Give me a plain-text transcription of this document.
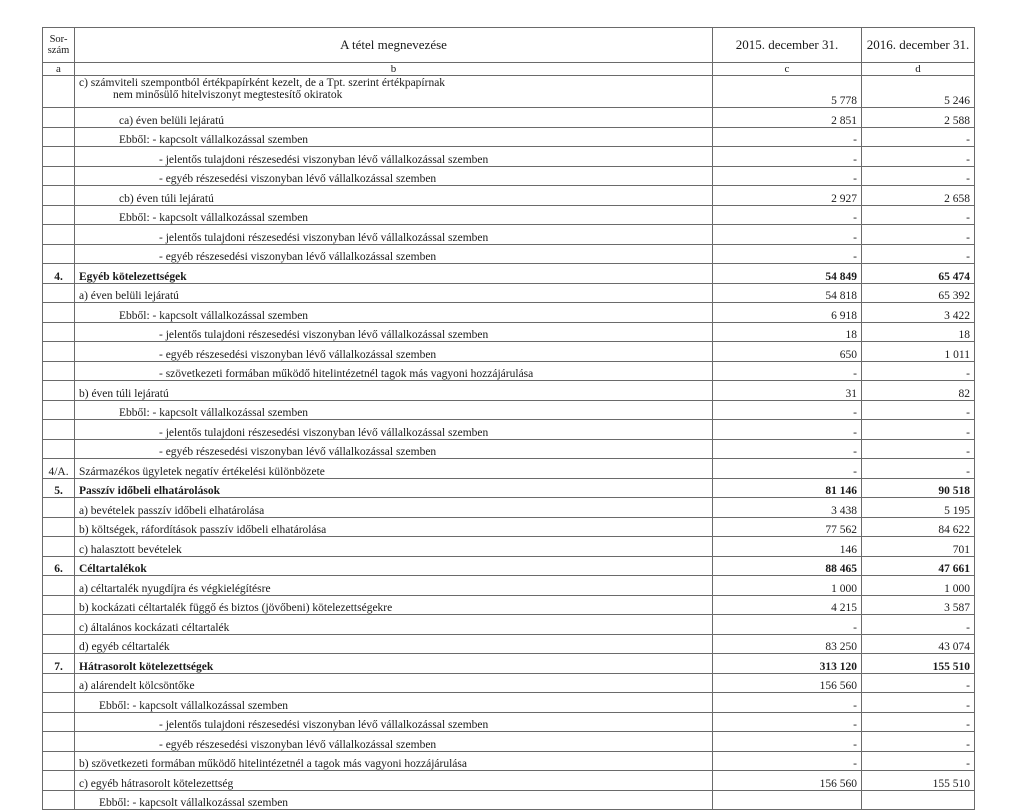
Sor-
szám	A tétel megnevezése	2015. december 31.	2016. december 31.
a	b	c	d

	c) számviteli szempontból értékpapírként kezelt, de a Tpt. szerint értékpapírnak
nem minősülő hitelviszonyt megtestesítő okiratok	5 778	5 246
	ca) éven belüli lejáratú	2 851	2 588
	Ebből: - kapcsolt vállalkozással szemben	-	-
	- jelentős tulajdoni részesedési viszonyban lévő vállalkozással szemben	-	-
	- egyéb részesedési viszonyban lévő vállalkozással szemben	-	-
	cb) éven túli lejáratú	2 927	2 658
	Ebből: - kapcsolt vállalkozással szemben	-	-
	- jelentős tulajdoni részesedési viszonyban lévő vállalkozással szemben	-	-
	- egyéb részesedési viszonyban lévő vállalkozással szemben	-	-
4.	Egyéb kötelezettségek	54 849	65 474
	a) éven belüli lejáratú	54 818	65 392
	Ebből: - kapcsolt vállalkozással szemben	6 918	3 422
	- jelentős tulajdoni részesedési viszonyban lévő vállalkozással szemben	18	18
	- egyéb részesedési viszonyban lévő vállalkozással szemben	650	1 011
	- szövetkezeti formában működő hitelintézetnél tagok más vagyoni hozzájárulása	-	-
	b) éven túli lejáratú	31	82
	Ebből: - kapcsolt vállalkozással szemben	-	-
	- jelentős tulajdoni részesedési viszonyban lévő vállalkozással szemben	-	-
	- egyéb részesedési viszonyban lévő vállalkozással szemben	-	-
4/A.	Származékos ügyletek negatív értékelési különbözete	-	-
5.	Passzív időbeli elhatárolások	81 146	90 518
	a) bevételek passzív időbeli elhatárolása	3 438	5 195
	b) költségek, ráfordítások passzív időbeli elhatárolása	77 562	84 622
	c) halasztott bevételek	146	701
6.	Céltartalékok	88 465	47 661
	a) céltartalék nyugdíjra és végkielégítésre	1 000	1 000
	b) kockázati céltartalék függő és biztos (jövőbeni) kötelezettségekre	4 215	3 587
	c) általános kockázati céltartalék	-	-
	d) egyéb céltartalék	83 250	43 074
7.	Hátrasorolt kötelezettségek	313 120	155 510
	a) alárendelt kölcsöntőke	156 560	-
	Ebből: - kapcsolt vállalkozással szemben	-	-
	- jelentős tulajdoni részesedési viszonyban lévő vállalkozással szemben	-	-
	- egyéb részesedési viszonyban lévő vállalkozással szemben	-	-
	b) szövetkezeti formában működő hitelintézetnél a tagok más vagyoni hozzájárulása	-	-
	c) egyéb hátrasorolt kötelezettség	156 560	155 510
	Ebből: - kapcsolt vállalkozással szemben		
